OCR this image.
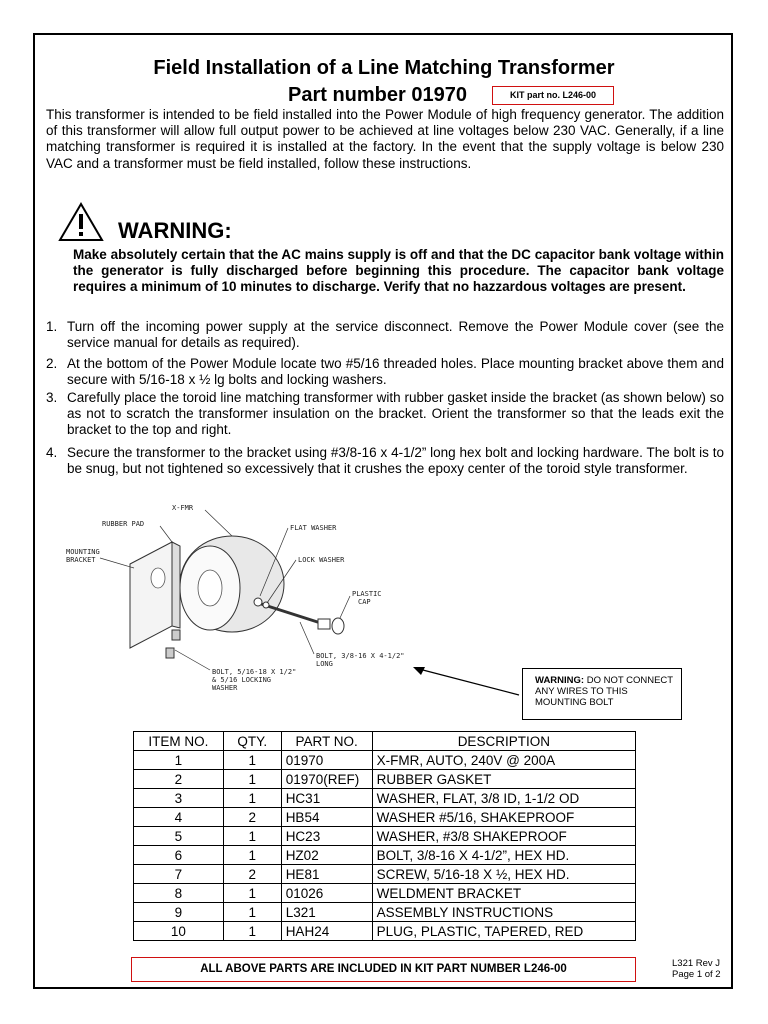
Field Installation of a Line Matching Transformer
Part number 01970	KIT part no. L246-00
This transformer is intended to be field installed into the Power Module of high frequency generator. The addition of this transformer will allow full output power to be achieved at line voltages below 230 VAC. Generally, if a line matching transformer is required it is installed at the factory. In the event that the supply voltage is below 230 VAC and a transformer must be field installed, follow these instructions.
WARNING:
Make absolutely certain that the AC mains supply is off and that the DC capacitor bank voltage within the generator is fully discharged before beginning this procedure. The capacitor bank voltage requires a minimum of 10 minutes to discharge. Verify that no hazzardous voltages are present.
1. Turn off the incoming power supply at the service disconnect. Remove the Power Module cover (see the service manual for details as required).
2. At the bottom of the Power Module locate two #5/16 threaded holes. Place mounting bracket above them and secure with 5/16-18 x ½ lg bolts and locking washers.
3. Carefully place the toroid line matching transformer with rubber gasket inside the bracket (as shown below) so as not to scratch the transformer insulation on the bracket. Orient the transformer so that the leads exit the bracket to the top and right.
4. Secure the transformer to the bracket using #3/8-16 x 4-1/2” long hex bolt and locking hardware. The bolt is to be snug, but not tightened so excessively that it crushes the epoxy center of the toroid style transformer.
X-FMR
RUBBER PAD
MOUNTING
BRACKET
FLAT WASHER
LOCK WASHER
PLASTIC
CAP
BOLT, 5/16-18 X 1/2"
& 5/16 LOCKING
WASHER
BOLT, 3/8-16 X 4-1/2"
LONG
WARNING: DO NOT CONNECT ANY WIRES TO THIS MOUNTING BOLT
ITEM NO.	QTY.	PART NO.	DESCRIPTION
1	1	01970	X-FMR, AUTO, 240V @ 200A
2	1	01970(REF)	RUBBER GASKET
3	1	HC31	WASHER, FLAT, 3/8 ID, 1-1/2 OD
4	2	HB54	WASHER #5/16, SHAKEPROOF
5	1	HC23	WASHER, #3/8 SHAKEPROOF
6	1	HZ02	BOLT, 3/8-16 X 4-1/2”, HEX HD.
7	2	HE81	SCREW, 5/16-18 X ½, HEX HD.
8	1	01026	WELDMENT BRACKET
9	1	L321	ASSEMBLY INSTRUCTIONS
10	1	HAH24	PLUG, PLASTIC, TAPERED, RED
ALL ABOVE PARTS ARE INCLUDED IN KIT PART NUMBER L246-00	L321 Rev J
Page 1 of 2
